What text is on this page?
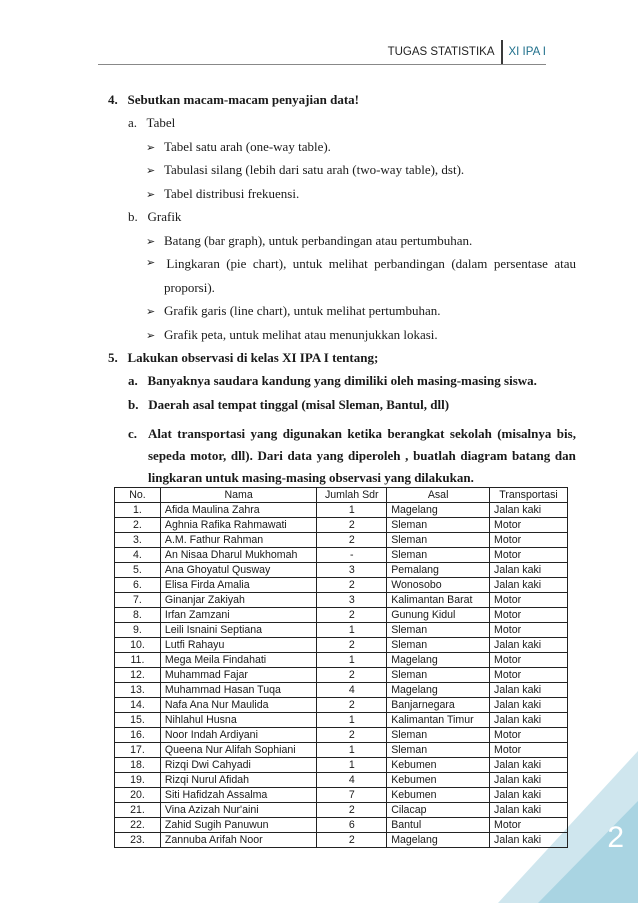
2
TUGAS STATISTIKA XI IPA I
4. Sebutkan macam-macam penyajian data!
a. Tabel
➢ Tabel satu arah (one-way table).
➢ Tabulasi silang (lebih dari satu arah (two-way table), dst).
➢ Tabel distribusi frekuensi.
b. Grafik
➢ Batang (bar graph), untuk perbandingan atau pertumbuhan.
➢ Lingkaran (pie chart), untuk melihat perbandingan (dalam persentase atau
proporsi).
➢ Grafik garis (line chart), untuk melihat pertumbuhan.
➢ Grafik peta, untuk melihat atau menunjukkan lokasi.
5. Lakukan observasi di kelas XI IPA I tentang;
a. Banyaknya saudara kandung yang dimiliki oleh masing-masing siswa.
b. Daerah asal tempat tinggal (misal Sleman, Bantul, dll)
c. Alat transportasi yang digunakan ketika berangkat sekolah (misalnya bis,
sepeda motor, dll). Dari data yang diperoleh , buatlah diagram batang dan
lingkaran untuk masing-masing observasi yang dilakukan.
No.	Nama	Jumlah Sdr	Asal	Transportasi
1.	Afida Maulina Zahra	1	Magelang	Jalan kaki
2.	Aghnia Rafika Rahmawati	2	Sleman	Motor
3.	A.M. Fathur Rahman	2	Sleman	Motor
4.	An Nisaa Dharul Mukhomah	-	Sleman	Motor
5.	Ana Ghoyatul Qusway	3	Pemalang	Jalan kaki
6.	Elisa Firda Amalia	2	Wonosobo	Jalan kaki
7.	Ginanjar Zakiyah	3	Kalimantan Barat	Motor
8.	Irfan Zamzani	2	Gunung Kidul	Motor
9.	Leili Isnaini Septiana	1	Sleman	Motor
10.	Lutfi Rahayu	2	Sleman	Jalan kaki
11.	Mega Meila Findahati	1	Magelang	Motor
12.	Muhammad Fajar	2	Sleman	Motor
13.	Muhammad Hasan Tuqa	4	Magelang	Jalan kaki
14.	Nafa Ana Nur Maulida	2	Banjarnegara	Jalan kaki
15.	Nihlahul Husna	1	Kalimantan Timur	Jalan kaki
16.	Noor Indah Ardiyani	2	Sleman	Motor
17.	Queena Nur Alifah Sophiani	1	Sleman	Motor
18.	Rizqi Dwi Cahyadi	1	Kebumen	Jalan kaki
19.	Rizqi Nurul Afidah	4	Kebumen	Jalan kaki
20.	Siti Hafidzah Assalma	7	Kebumen	Jalan kaki
21.	Vina Azizah Nur'aini	2	Cilacap	Jalan kaki
22.	Zahid Sugih Panuwun	6	Bantul	Motor
23.	Zannuba Arifah Noor	2	Magelang	Jalan kaki
